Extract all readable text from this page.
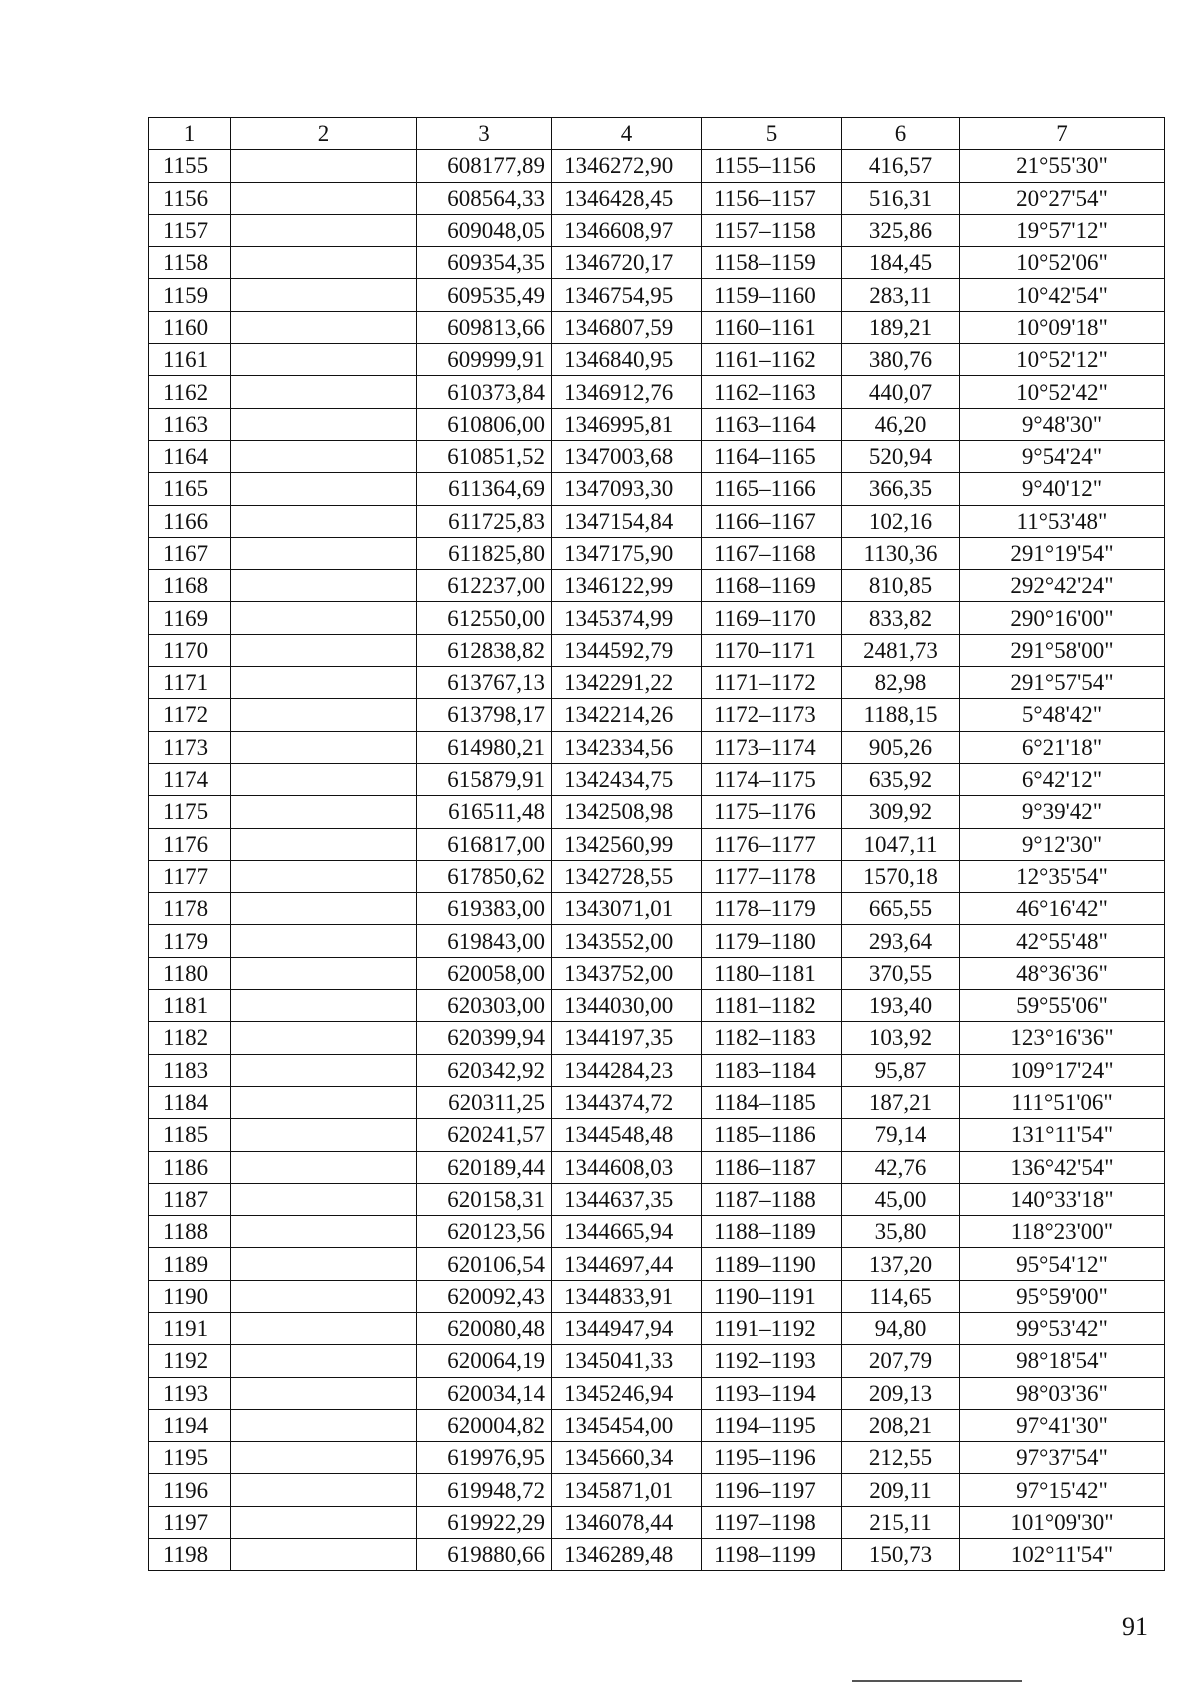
1	2	3	4	5	6	7
1155		608177,89	1346272,90	1155–1156	416,57	21°55'30"
1156		608564,33	1346428,45	1156–1157	516,31	20°27'54"
1157		609048,05	1346608,97	1157–1158	325,86	19°57'12"
1158		609354,35	1346720,17	1158–1159	184,45	10°52'06"
1159		609535,49	1346754,95	1159–1160	283,11	10°42'54"
1160		609813,66	1346807,59	1160–1161	189,21	10°09'18"
1161		609999,91	1346840,95	1161–1162	380,76	10°52'12"
1162		610373,84	1346912,76	1162–1163	440,07	10°52'42"
1163		610806,00	1346995,81	1163–1164	46,20	9°48'30"
1164		610851,52	1347003,68	1164–1165	520,94	9°54'24"
1165		611364,69	1347093,30	1165–1166	366,35	9°40'12"
1166		611725,83	1347154,84	1166–1167	102,16	11°53'48"
1167		611825,80	1347175,90	1167–1168	1130,36	291°19'54"
1168		612237,00	1346122,99	1168–1169	810,85	292°42'24"
1169		612550,00	1345374,99	1169–1170	833,82	290°16'00"
1170		612838,82	1344592,79	1170–1171	2481,73	291°58'00"
1171		613767,13	1342291,22	1171–1172	82,98	291°57'54"
1172		613798,17	1342214,26	1172–1173	1188,15	5°48'42"
1173		614980,21	1342334,56	1173–1174	905,26	6°21'18"
1174		615879,91	1342434,75	1174–1175	635,92	6°42'12"
1175		616511,48	1342508,98	1175–1176	309,92	9°39'42"
1176		616817,00	1342560,99	1176–1177	1047,11	9°12'30"
1177		617850,62	1342728,55	1177–1178	1570,18	12°35'54"
1178		619383,00	1343071,01	1178–1179	665,55	46°16'42"
1179		619843,00	1343552,00	1179–1180	293,64	42°55'48"
1180		620058,00	1343752,00	1180–1181	370,55	48°36'36"
1181		620303,00	1344030,00	1181–1182	193,40	59°55'06"
1182		620399,94	1344197,35	1182–1183	103,92	123°16'36"
1183		620342,92	1344284,23	1183–1184	95,87	109°17'24"
1184		620311,25	1344374,72	1184–1185	187,21	111°51'06"
1185		620241,57	1344548,48	1185–1186	79,14	131°11'54"
1186		620189,44	1344608,03	1186–1187	42,76	136°42'54"
1187		620158,31	1344637,35	1187–1188	45,00	140°33'18"
1188		620123,56	1344665,94	1188–1189	35,80	118°23'00"
1189		620106,54	1344697,44	1189–1190	137,20	95°54'12"
1190		620092,43	1344833,91	1190–1191	114,65	95°59'00"
1191		620080,48	1344947,94	1191–1192	94,80	99°53'42"
1192		620064,19	1345041,33	1192–1193	207,79	98°18'54"
1193		620034,14	1345246,94	1193–1194	209,13	98°03'36"
1194		620004,82	1345454,00	1194–1195	208,21	97°41'30"
1195		619976,95	1345660,34	1195–1196	212,55	97°37'54"
1196		619948,72	1345871,01	1196–1197	209,11	97°15'42"
1197		619922,29	1346078,44	1197–1198	215,11	101°09'30"
1198		619880,66	1346289,48	1198–1199	150,73	102°11'54"
91
